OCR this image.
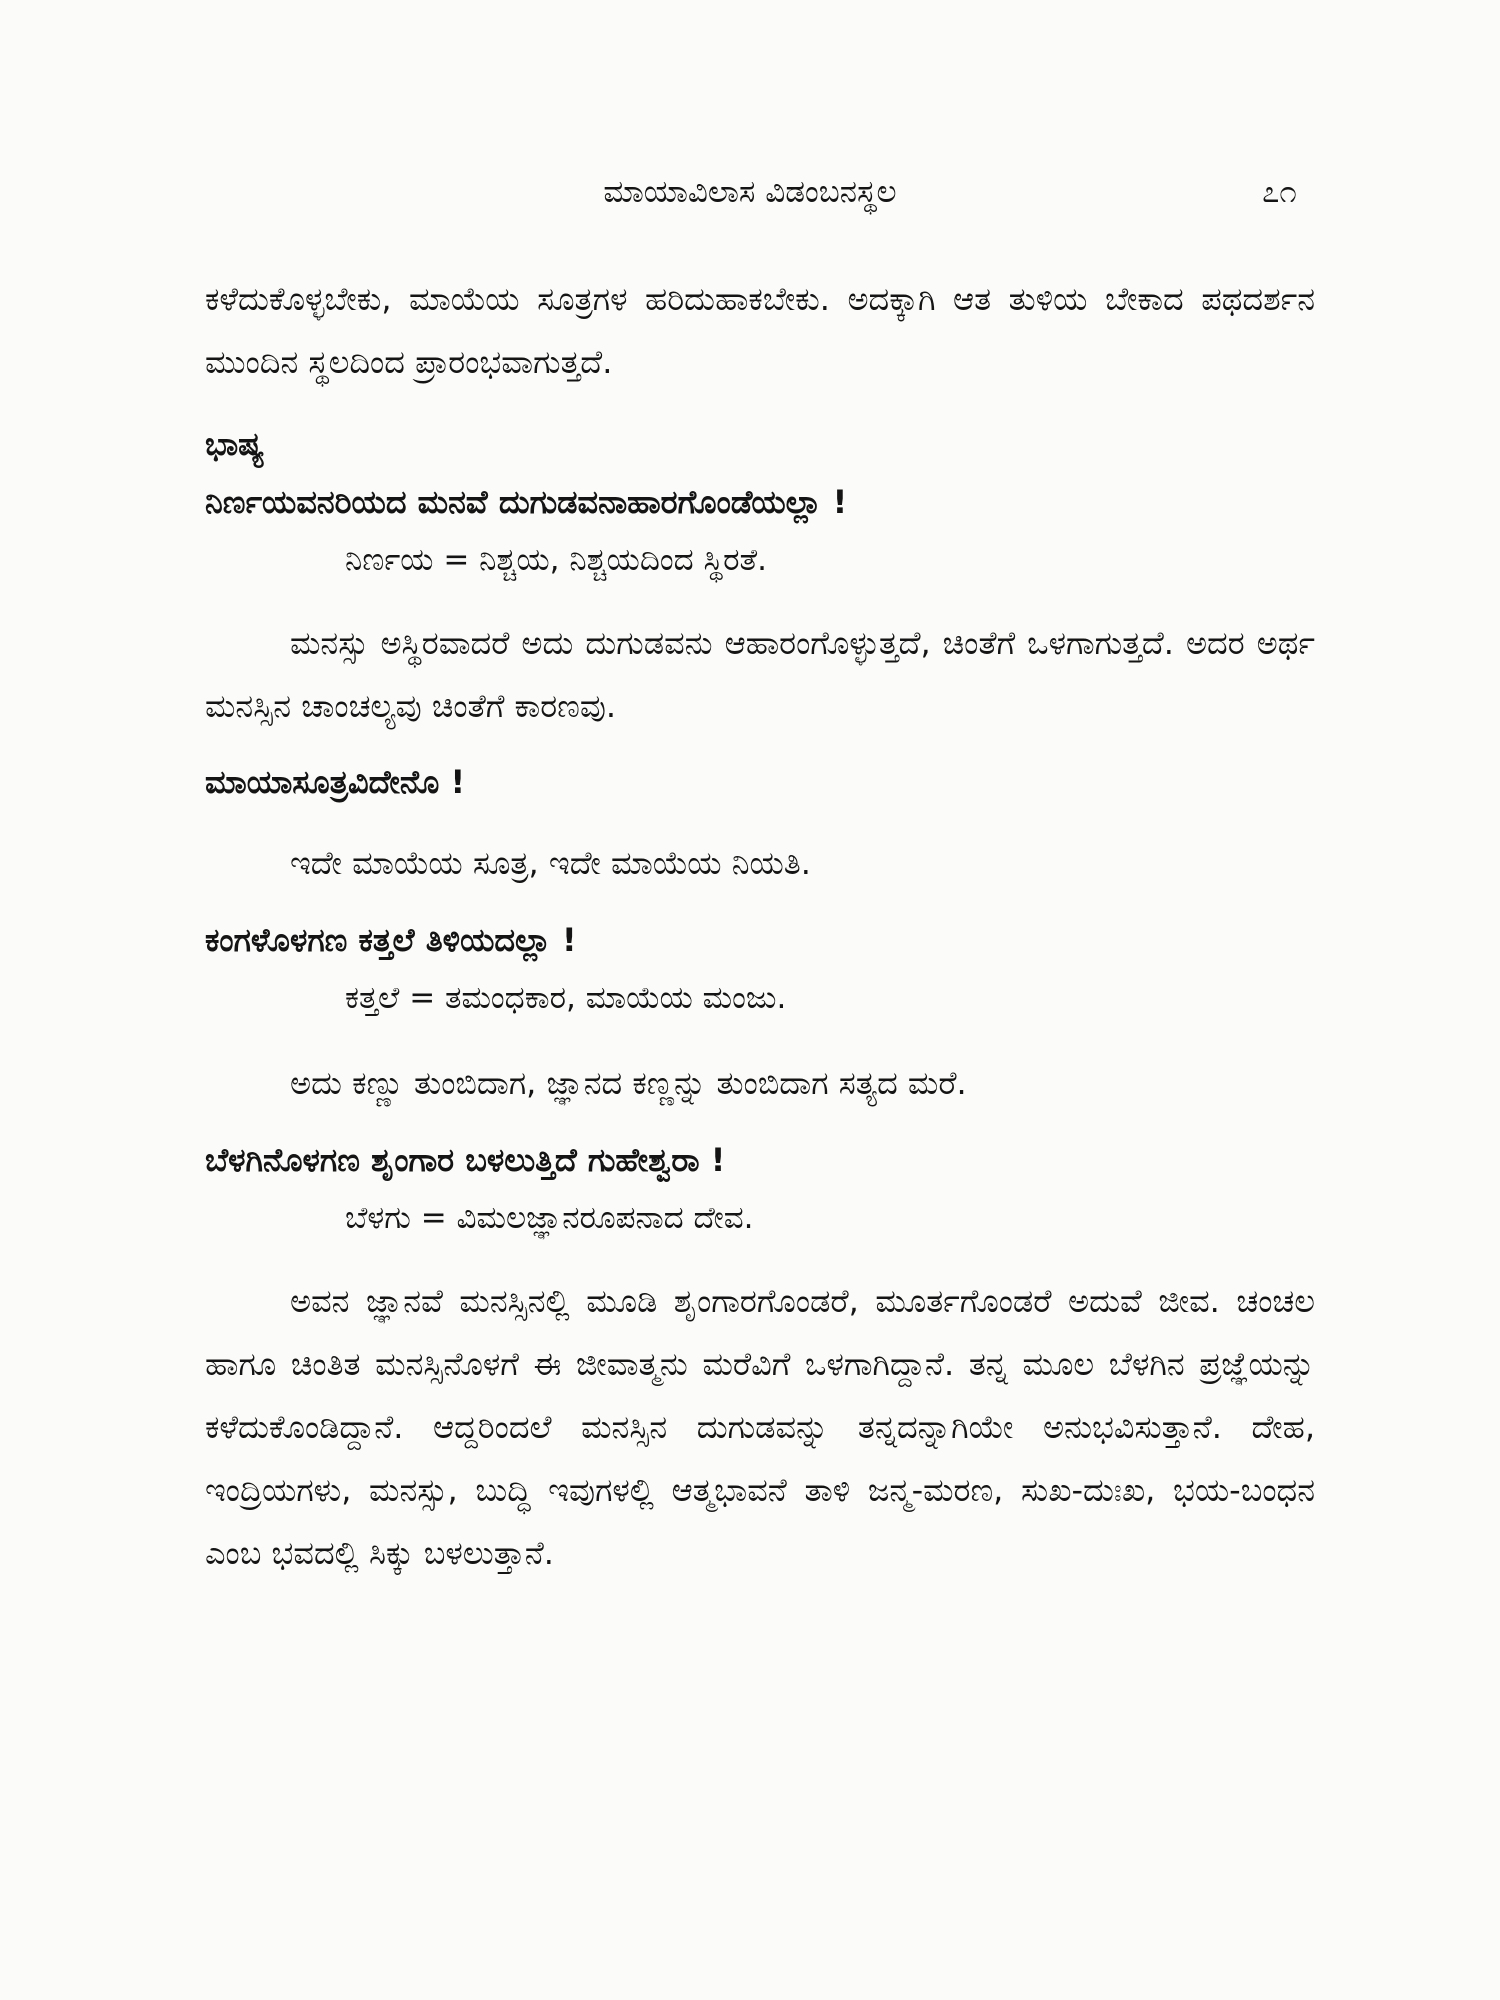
ಮಾಯಾವಿಲಾಸ ವಿಡಂಬನಸ್ಥಲ	೭೧

ಕಳೆದುಕೊಳ್ಳಬೇಕು, ಮಾಯೆಯ ಸೂತ್ರಗಳ ಹರಿದುಹಾಕಬೇಕು. ಅದಕ್ಕಾಗಿ ಆತ ತುಳಿಯ ಬೇಕಾದ ಪಥದರ್ಶನ ಮುಂದಿನ ಸ್ಥಲದಿಂದ ಪ್ರಾರಂಭವಾಗುತ್ತದೆ.

ಭಾಷ್ಯ

ನಿರ್ಣಯವನರಿಯದ ಮನವೆ ದುಗುಡವನಾಹಾರಗೊಂಡೆಯಲ್ಲಾ !

ನಿರ್ಣಯ = ನಿಶ್ಚಯ, ನಿಶ್ಚಯದಿಂದ ಸ್ಥಿರತೆ.

ಮನಸ್ಸು ಅಸ್ಥಿರವಾದರೆ ಅದು ದುಗುಡವನು ಆಹಾರಂಗೊಳ್ಳುತ್ತದೆ, ಚಿಂತೆಗೆ ಒಳಗಾಗುತ್ತದೆ. ಅದರ ಅರ್ಥ ಮನಸ್ಸಿನ ಚಾಂಚಲ್ಯವು ಚಿಂತೆಗೆ ಕಾರಣವು.

ಮಾಯಾಸೂತ್ರವಿದೇನೊ !

ಇದೇ ಮಾಯೆಯ ಸೂತ್ರ, ಇದೇ ಮಾಯೆಯ ನಿಯತಿ.

ಕಂಗಳೊಳಗಣ ಕತ್ತಲೆ ತಿಳಿಯದಲ್ಲಾ !

ಕತ್ತಲೆ = ತಮಂಧಕಾರ, ಮಾಯೆಯ ಮಂಜು.

ಅದು ಕಣ್ಣು ತುಂಬಿದಾಗ, ಜ್ಞಾನದ ಕಣ್ಣನ್ನು ತುಂಬಿದಾಗ ಸತ್ಯದ ಮರೆ.

ಬೆಳಗಿನೊಳಗಣ ಶೃಂಗಾರ ಬಳಲುತ್ತಿದೆ ಗುಹೇಶ್ವರಾ !

ಬೆಳಗು = ವಿಮಲಜ್ಞಾನರೂಪನಾದ ದೇವ.

ಅವನ ಜ್ಞಾನವೆ ಮನಸ್ಸಿನಲ್ಲಿ ಮೂಡಿ ಶೃಂಗಾರಗೊಂಡರೆ, ಮೂರ್ತಗೊಂಡರೆ ಅದುವೆ ಜೀವ. ಚಂಚಲ ಹಾಗೂ ಚಿಂತಿತ ಮನಸ್ಸಿನೊಳಗೆ ಈ ಜೀವಾತ್ಮನು ಮರೆವಿಗೆ ಒಳಗಾಗಿದ್ದಾನೆ. ತನ್ನ ಮೂಲ ಬೆಳಗಿನ ಪ್ರಜ್ಞೆಯನ್ನು ಕಳೆದುಕೊಂಡಿದ್ದಾನೆ. ಆದ್ದರಿಂದಲೆ ಮನಸ್ಸಿನ ದುಗುಡವನ್ನು ತನ್ನದನ್ನಾಗಿಯೇ ಅನುಭವಿಸುತ್ತಾನೆ. ದೇಹ, ಇಂದ್ರಿಯಗಳು, ಮನಸ್ಸು, ಬುದ್ಧಿ ಇವುಗಳಲ್ಲಿ ಆತ್ಮಭಾವನೆ ತಾಳಿ ಜನ್ಮ-ಮರಣ, ಸುಖ-ದುಃಖ, ಭಯ-ಬಂಧನ ಎಂಬ ಭವದಲ್ಲಿ ಸಿಕ್ಕು ಬಳಲುತ್ತಾನೆ.
